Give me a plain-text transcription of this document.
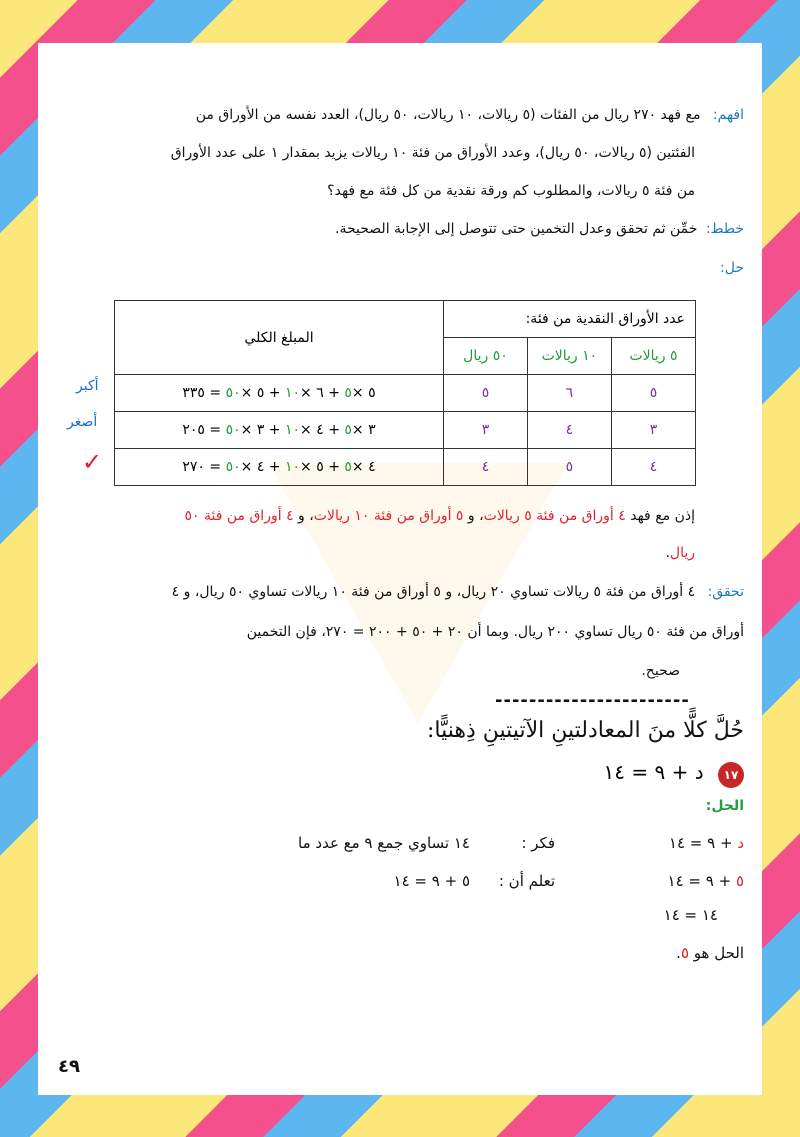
افهم: مع فهد ٢٧٠ ريال من الفئات (٥ ريالات، ١٠ ريالات، ٥٠ ريال)، العدد نفسه من الأوراق من
الفئتين (٥ ريالات، ٥٠ ريال)، وعدد الأوراق من فئة ١٠ ريالات يزيد بمقدار ١ على عدد الأوراق
من فئة ٥ ريالات، والمطلوب كم ورقة نقدية من كل فئة مع فهد؟
خطط: خمِّن ثم تحقق وعدل التخمين حتى تتوصل إلى الإجابة الصحيحة.
حل:
عدد الأوراق النقدية من فئة:			المبلغ الكلي
٥ ريالات	١٠ ريالات	٥٠ ريال	
٥	٦	٥	٥ ×٥ + ٦ ×١٠ + ٥ ×٥٠ = ٣٣٥
٣	٤	٣	٣ ×٥ + ٤ ×١٠ + ٣ ×٥٠ = ٢٠٥
٤	٥	٤	٤ ×٥ + ٥ ×١٠ + ٤ ×٥٠ = ٢٧٠
أكبر
أصغر
✓
إذن مع فهد ٤ أوراق من فئة ٥ ريالات، و ٥ أوراق من فئة ١٠ ريالات، و ٤ أوراق من فئة ٥٠
ريال.
تحقق: ٤ أوراق من فئة ٥ ريالات تساوي ٢٠ ريال، و ٥ أوراق من فئة ١٠ ريالات تساوي ٥٠ ريال، و ٤
أوراق من فئة ٥٠ ريال تساوي ٢٠٠ ريال. وبما أن ٢٠ + ٥٠ + ٢٠٠ = ٢٧٠، فإن التخمين
صحيح.
-----------------------
حُلَّ كلًّا منَ المعادلتينِ الآتيتينِ ذِهنيًّا:
١٧ د + ٩ = ١٤
الحل:
د + ٩ = ١٤
فكر :
١٤ تساوي جمع ٩ مع عدد ما
٥ + ٩ = ١٤
تعلم أن :
٥ + ٩ = ١٤
١٤ = ١٤
الحل هو ٥.
٤٩
